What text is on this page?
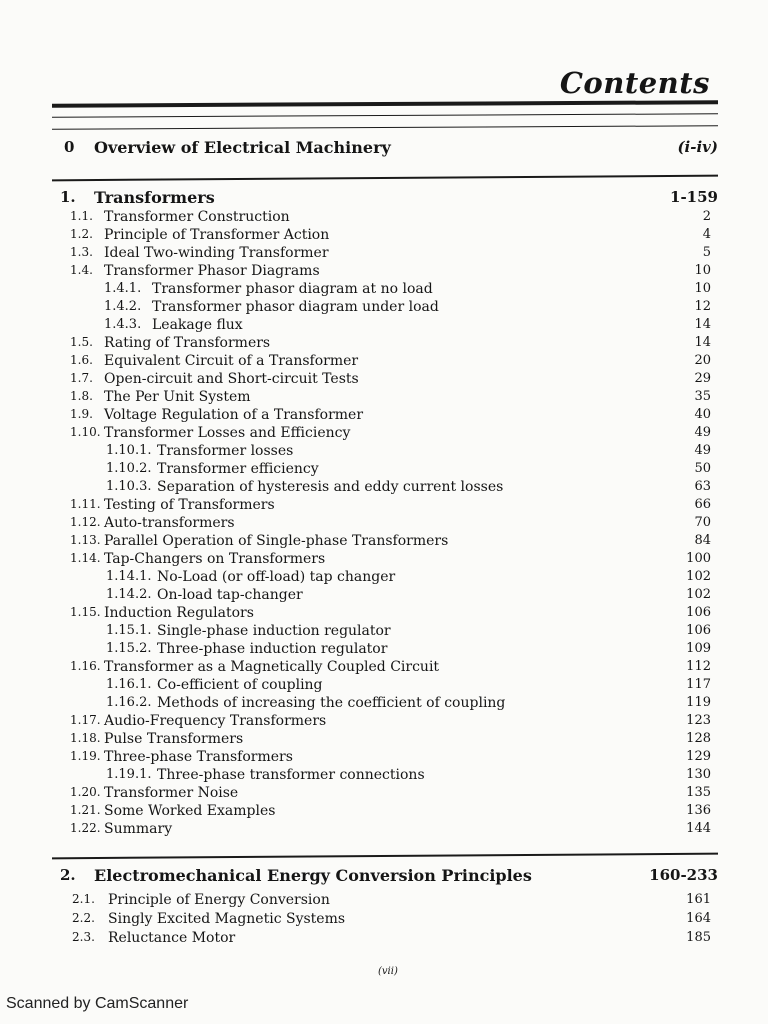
Contents
0 Overview of Electrical Machinery	(i-iv)
1. Transformers	1-159
1.1. Transformer Construction	2
1.2. Principle of Transformer Action	4
1.3. Ideal Two-winding Transformer	5
1.4. Transformer Phasor Diagrams	10
1.4.1. Transformer phasor diagram at no load	10
1.4.2. Transformer phasor diagram under load	12
1.4.3. Leakage flux	14
1.5. Rating of Transformers	14
1.6. Equivalent Circuit of a Transformer	20
1.7. Open-circuit and Short-circuit Tests	29
1.8. The Per Unit System	35
1.9. Voltage Regulation of a Transformer	40
1.10. Transformer Losses and Efficiency	49
1.10.1. Transformer losses	49
1.10.2. Transformer efficiency	50
1.10.3. Separation of hysteresis and eddy current losses	63
1.11. Testing of Transformers	66
1.12. Auto-transformers	70
1.13. Parallel Operation of Single-phase Transformers	84
1.14. Tap-Changers on Transformers	100
1.14.1. No-Load (or off-load) tap changer	102
1.14.2. On-load tap-changer	102
1.15. Induction Regulators	106
1.15.1. Single-phase induction regulator	106
1.15.2. Three-phase induction regulator	109
1.16. Transformer as a Magnetically Coupled Circuit	112
1.16.1. Co-efficient of coupling	117
1.16.2. Methods of increasing the coefficient of coupling	119
1.17. Audio-Frequency Transformers	123
1.18. Pulse Transformers	128
1.19. Three-phase Transformers	129
1.19.1. Three-phase transformer connections	130
1.20. Transformer Noise	135
1.21. Some Worked Examples	136
1.22. Summary	144
2. Electromechanical Energy Conversion Principles	160-233
2.1. Principle of Energy Conversion	161
2.2. Singly Excited Magnetic Systems	164
2.3. Reluctance Motor	185
(vii)
Scanned by CamScanner
